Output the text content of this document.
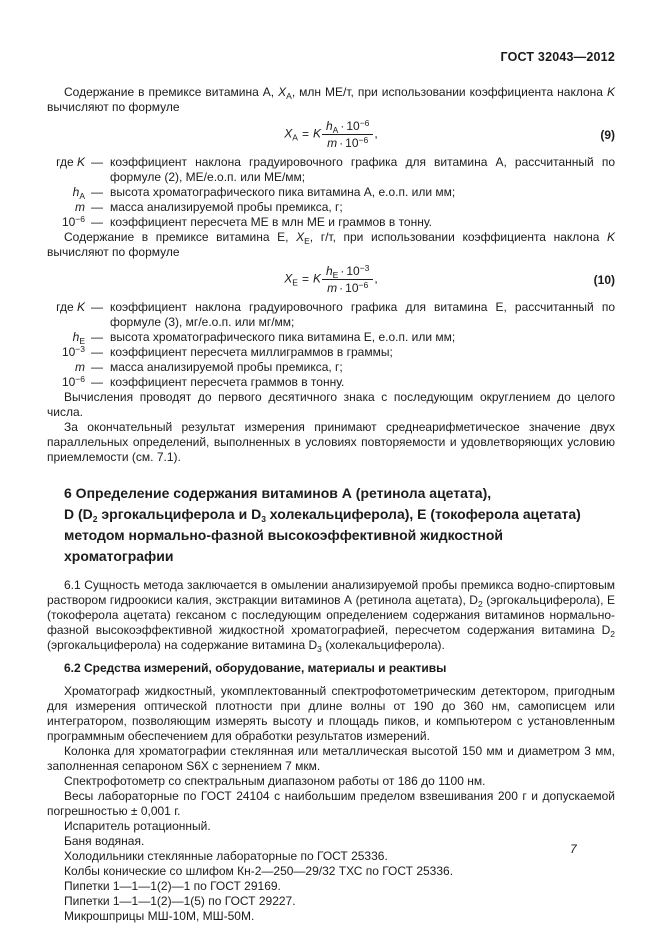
ГОСТ 32043—2012

Содержание в премиксе витамина А, $X_А$, млн МЕ/т, при использовании коэффициента наклона K вычисляют по формуле

$X_А = K \frac{h_А \cdot 10^{-6}}{m \cdot 10^{-6}}$ ,	(9)
где K — коэффициент наклона градуировочного графика для витамина А, рассчитанный по формуле (2), МЕ/е.о.п. или МЕ/мм;
$h_А$ — высота хроматографического пика витамина А, е.о.п. или мм;
m — масса анализируемой пробы премикса, г;
$10^{-6}$ — коэффициент пересчета МЕ в млн МЕ и граммов в тонну.

Содержание в премиксе витамина Е, $X_Е$, г/т, при использовании коэффициента наклона K вычисляют по формуле

$X_Е = K \frac{h_Е \cdot 10^{-3}}{m \cdot 10^{-6}}$ ,	(10)
где K — коэффициент наклона градуировочного графика для витамина Е, рассчитанный по формуле (3), мг/е.о.п. или мг/мм;
$h_Е$ — высота хроматографического пика витамина Е, е.о.п. или мм;
$10^{-3}$ — коэффициент пересчета миллиграммов в граммы;
m — масса анализируемой пробы премикса, г;
$10^{-6}$ — коэффициент пересчета граммов в тонну.

Вычисления проводят до первого десятичного знака с последующим округлением до целого числа.

За окончательный результат измерения принимают среднеарифметическое значение двух параллельных определений, выполненных в условиях повторяемости и удовлетворяющих условию приемлемости (см. 7.1).

6 Определение содержания витаминов А (ретинола ацетата),
D ($D_2$ эргокальциферола и $D_3$ холекальциферола), Е (токоферола ацетата)
методом нормально-фазной высокоэффективной жидкостной
хроматографии

6.1 Сущность метода заключается в омылении анализируемой пробы премикса водно-спиртовым раствором гидроокиси калия, экстракции витаминов А (ретинола ацетата), $D_2$ (эргокальциферола), Е (токоферола ацетата) гексаном с последующим определением содержания витаминов нормально-фазной высокоэффективной жидкостной хроматографией, пересчетом содержания витамина $D_2$ (эргокальциферола) на содержание витамина $D_3$ (холекальциферола).

6.2 Средства измерений, оборудование, материалы и реактивы

Хроматограф жидкостный, укомплектованный спектрофотометрическим детектором, пригодным для измерения оптической плотности при длине волны от 190 до 360 нм, самописцем или интегратором, позволяющим измерять высоту и площадь пиков, и компьютером с установленным программным обеспечением для обработки результатов измерений.

Колонка для хроматографии стеклянная или металлическая высотой 150 мм и диаметром 3 мм, заполненная сепароном S6X с зернением 7 мкм.

Спектрофотометр со спектральным диапазоном работы от 186 до 1100 нм.

Весы лабораторные по ГОСТ 24104 с наибольшим пределом взвешивания 200 г и допускаемой погрешностью ± 0,001 г.

Испаритель ротационный.

Баня водяная.

Холодильники стеклянные лабораторные по ГОСТ 25336.

Колбы конические со шлифом Кн-2—250—29/32 ТХС по ГОСТ 25336.

Пипетки 1—1—1(2)—1 по ГОСТ 29169.

Пипетки 1—1—1(2)—1(5) по ГОСТ 29227.

Микрошприцы МШ-10М, МШ-50М.

7
